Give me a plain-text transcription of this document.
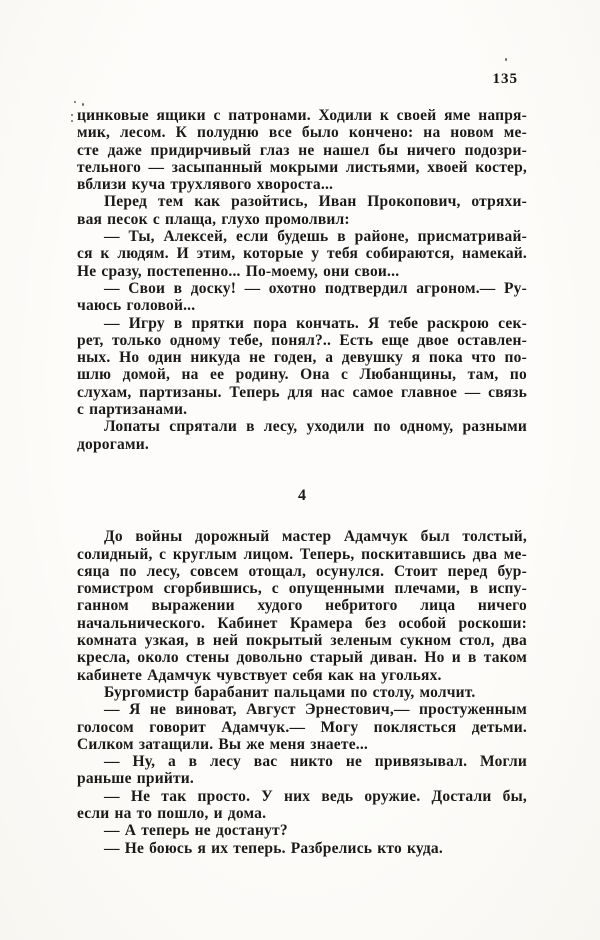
135
цинковые ящики с патронами. Ходили к своей яме напря-
мик, лесом. К полудню все было кончено: на новом ме-
сте даже придирчивый глаз не нашел бы ничего подозри-
тельного — засыпанный мокрыми листьями, хвоей костер,
вблизи куча трухлявого хвороста...
Перед тем как разойтись, Иван Прокопович, отряхи-
вая песок с плаща, глухо промолвил:
— Ты, Алексей, если будешь в районе, присматривай-
ся к людям. И этим, которые у тебя собираются, намекай.
Не сразу, постепенно... По-моему, они свои...
— Свои в доску! — охотно подтвердил агроном.— Ру-
чаюсь головой...
— Игру в прятки пора кончать. Я тебе раскрою сек-
рет, только одному тебе, понял?.. Есть еще двое оставлен-
ных. Но один никуда не годен, а девушку я пока что по-
шлю домой, на ее родину. Она с Любанщины, там, по
слухам, партизаны. Теперь для нас самое главное — связь
с партизанами.
Лопаты спрятали в лесу, уходили по одному, разными
дорогами.
4
До войны дорожный мастер Адамчук был толстый,
солидный, с круглым лицом. Теперь, поскитавшись два ме-
сяца по лесу, совсем отощал, осунулся. Стоит перед бур-
гомистром сгорбившись, с опущенными плечами, в испу-
ганном выражении худого небритого лица ничего
начальнического. Кабинет Крамера без особой роскоши:
комната узкая, в ней покрытый зеленым сукном стол, два
кресла, около стены довольно старый диван. Но и в таком
кабинете Адамчук чувствует себя как на угольях.
Бургомистр барабанит пальцами по столу, молчит.
— Я не виноват, Август Эрнестович,— простуженным
голосом говорит Адамчук.— Могу поклясться детьми.
Силком затащили. Вы же меня знаете...
— Ну, а в лесу вас никто не привязывал. Могли
раньше прийти.
— Не так просто. У них ведь оружие. Достали бы,
если на то пошло, и дома.
— А теперь не достанут?
— Не боюсь я их теперь. Разбрелись кто куда.
